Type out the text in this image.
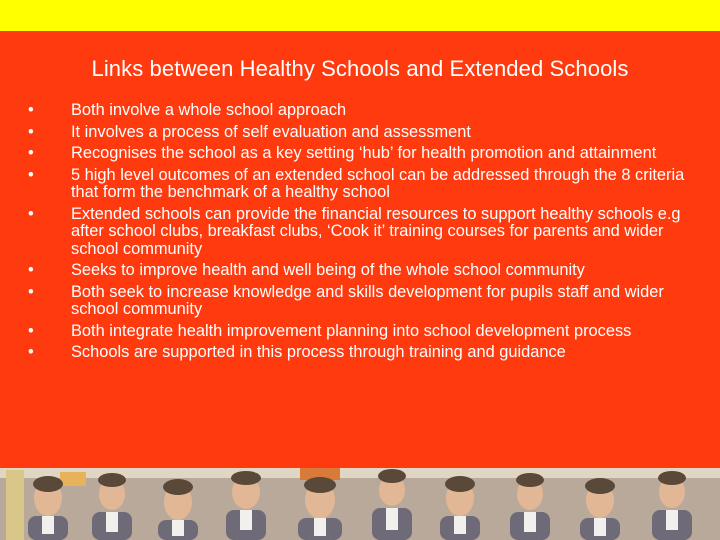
Links between Healthy Schools and Extended Schools
•	Both involve a whole school approach
•	It involves a process of self evaluation and assessment
•	Recognises the school as a key setting ‘hub’ for health promotion and attainment
•	5 high level outcomes of an extended school can be addressed through the 8 criteria that form the benchmark of a healthy school
•	Extended schools can provide the financial resources to support healthy schools e.g after school clubs, breakfast clubs, ‘Cook it’ training courses for parents and wider school community
•	Seeks to improve health and well being of the whole school community
•	Both seek to increase knowledge and skills development for pupils staff and wider school community
•	Both integrate health improvement planning into school development process
•	Schools are supported in this process through training and guidance
